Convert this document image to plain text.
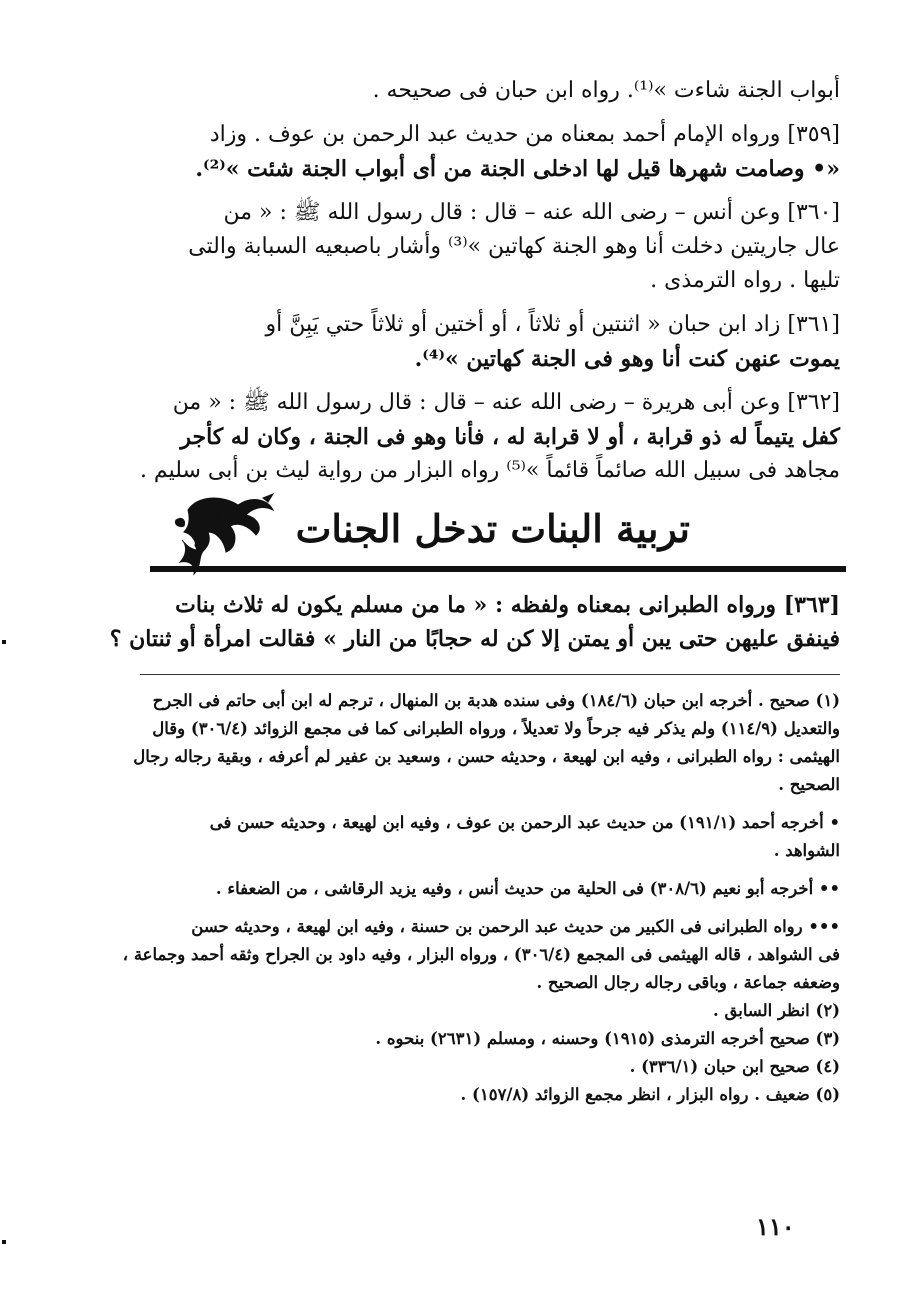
أبواب الجنة شاءت »⁽¹⁾. رواه ابن حبان فى صحيحه .
[٣٥٩] ورواه الإمام أحمد بمعناه من حديث عبد الرحمن بن عوف . وزاد
«• وصامت شهرها قيل لها ادخلى الجنة من أى أبواب الجنة شئت »⁽²⁾.
[٣٦٠] وعن أنس – رضى الله عنه – قال : قال رسول الله ﷺ : « من
عال جاريتين دخلت أنا وهو الجنة كهاتين »⁽³⁾ وأشار باصبعيه السبابة والتى
تليها . رواه الترمذى .
[٣٦١] زاد ابن حبان « اثنتين أو ثلاثاً ، أو أختين أو ثلاثاً حتي يَبِنَّ أو
يموت عنهن كنت أنا وهو فى الجنة كهاتين »⁽⁴⁾.
[٣٦٢] وعن أبى هريرة – رضى الله عنه – قال : قال رسول الله ﷺ : « من
كفل يتيماً له ذو قرابة ، أو لا قرابة له ، فأنا وهو فى الجنة ، وكان له كأجر
مجاهد فى سبيل الله صائماً قائماً »⁽⁵⁾ رواه البزار من رواية ليث بن أبى سليم .
تربية البنات تدخل الجنات
[٣٦٣] ورواه الطبرانى بمعناه ولفظه : « ما من مسلم يكون له ثلاث بنات
فينفق عليهن حتى يبن أو يمتن إلا كن له حجابًا من النار » فقالت امرأة أو ثنتان ؟
(١) صحيح . أخرجه ابن حبان (١٨٤/٦) وفى سنده هدبة بن المنهال ، ترجم له ابن أبى حاتم فى الجرح
والتعديل (١١٤/٩) ولم يذكر فيه جرحاً ولا تعديلاً ، ورواه الطبرانى كما فى مجمع الزوائد (٣٠٦/٤) وقال
الهيثمى : رواه الطبرانى ، وفيه ابن لهيعة ، وحديثه حسن ، وسعيد بن عفير لم أعرفه ، وبقية رجاله رجال
الصحيح .
• أخرجه أحمد (١٩١/١) من حديث عبد الرحمن بن عوف ، وفيه ابن لهيعة ، وحديثه حسن فى
الشواهد .
•• أخرجه أبو نعيم (٣٠٨/٦) فى الحلية من حديث أنس ، وفيه يزيد الرقاشى ، من الضعفاء .
••• رواه الطبرانى فى الكبير من حديث عبد الرحمن بن حسنة ، وفيه ابن لهيعة ، وحديثه حسن
فى الشواهد ، قاله الهيثمى فى المجمع (٣٠٦/٤) ، ورواه البزار ، وفيه داود بن الجراح وثقه أحمد وجماعة ،
وضعفه جماعة ، وباقى رجاله رجال الصحيح .
(٢) انظر السابق .
(٣) صحيح أخرجه الترمذى (١٩١٥) وحسنه ، ومسلم (٢٦٣١) بنحوه .
(٤) صحيح ابن حبان (٣٣٦/١) .
(٥) ضعيف . رواه البزار ، انظر مجمع الزوائد (١٥٧/٨) .
١١٠
